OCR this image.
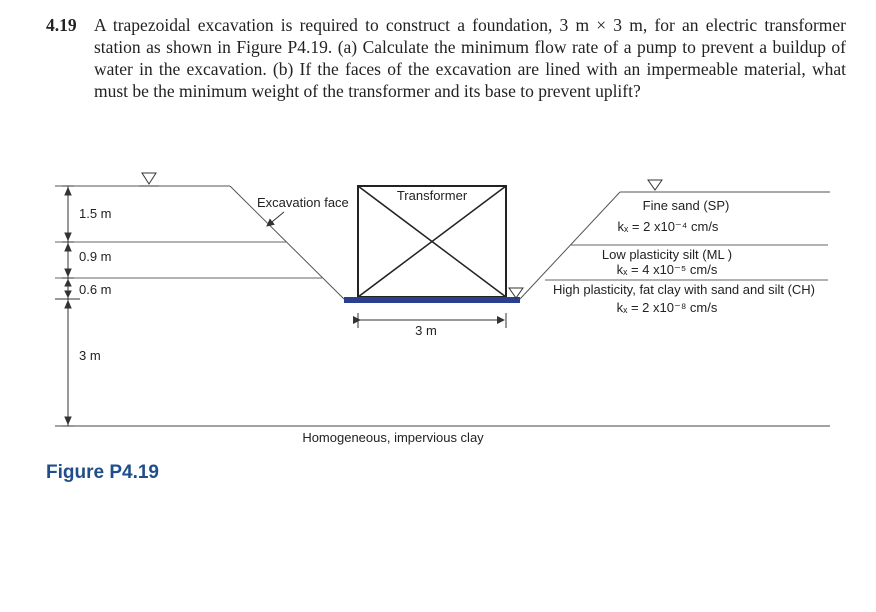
4.19 A trapezoidal excavation is required to construct a foundation, 3 m × 3 m, for an electric transformer station as shown in Figure P4.19. (a) Calculate the minimum flow rate of a pump to prevent a buildup of water in the excavation. (b) If the faces of the excavation are lined with an impermeable material, what must be the minimum weight of the transformer and its base to prevent uplift?
1.5 m
0.9 m
0.6 m
3 m
Excavation face	Transformer
3 m
Homogeneous, impervious clay
Fine sand (SP)
kₓ = 2 x10⁻⁴ cm/s
Low plasticity silt (ML )
kₓ = 4 x10⁻⁵ cm/s
High plasticity, fat clay with sand and silt (CH)
kₓ = 2 x10⁻⁸ cm/s
Figure P4.19
